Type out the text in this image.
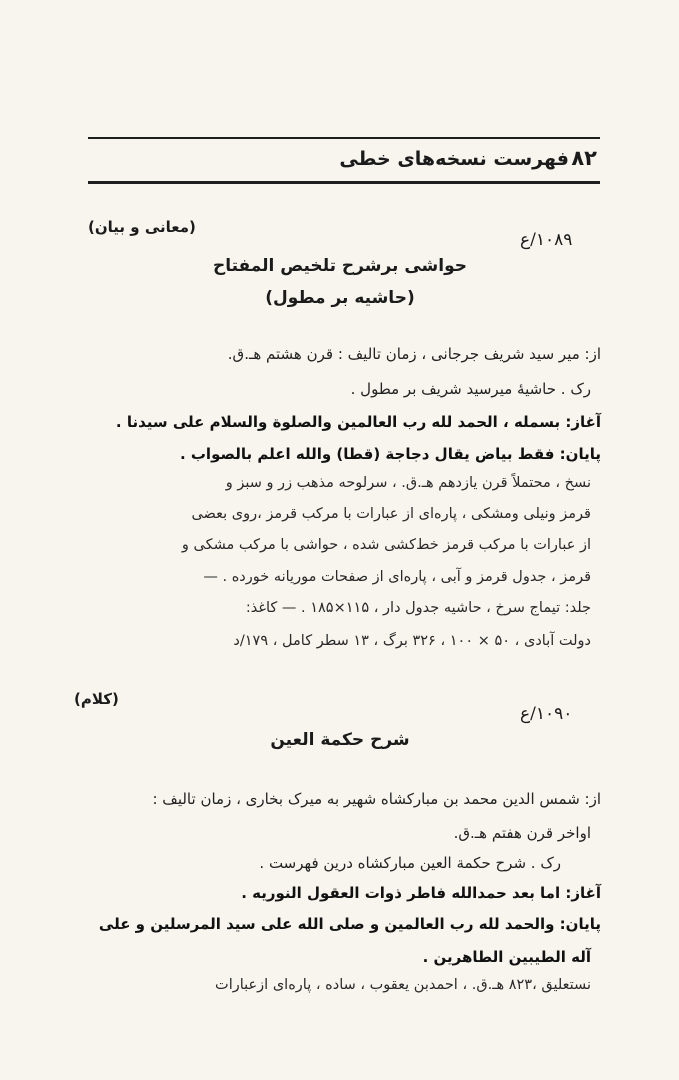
فهرست نسخه‌های خطی ۸۲
(معانی و بیان)
۱۰۸۹/ع
حواشی برشرح تلخیص المفتاح
(حاشیه بر مطول)
از: میر سید شریف جرجانی ، زمان تالیف : قرن هشتم هـ.ق.
رک . حاشیه‌ٔ میرسید شریف بر مطول .
آغاز: بسمله ، الحمد لله رب العالمین والصلوة والسلام علی سیدنا .
پایان: فقط بیاض یقال دجاجة (قطا) والله اعلم بالصواب .
نسخ ، محتملاً قرن یازدهم هـ.ق. ، سرلوحه مذهب زر و سبز و
قرمز ونیلی ومشکی ، پاره‌ای از عبارات با مرکب قرمز ،روی بعضی
از عبارات با مرکب قرمز خط‌کشی شده ، حواشی با مرکب مشکی و
قرمز ، جدول قرمز و آبی ، پاره‌ای از صفحات موریانه خورده . —
جلد: تیماج سرخ ، حاشیه جدول دار ، ۱۱۵×۱۸۵ . — کاغذ:
دولت آبادی ، ۵۰ × ۱۰۰ ، ۳۲۶ برگ ، ۱۳ سطر کامل ، ۱۷۹/د
(کلام)
۱۰۹۰/ع
شرح حکمة العین
از: شمس الدین محمد بن مبارکشاه شهیر به میرک بخاری ، زمان تالیف :
اواخر قرن هفتم هـ.ق.
رک . شرح حکمة العین مبارکشاه درین فهرست .
آغاز: اما بعد حمدالله فاطر ذوات العقول النوریه .
پایان: والحمد لله رب العالمین و صلی الله علی سید المرسلین و علی
آله الطیبین الطاهرین .
نستعلیق ،۸۲۳ هـ.ق. ، احمدبن یعقوب ، ساده ، پاره‌ای ازعبارات
